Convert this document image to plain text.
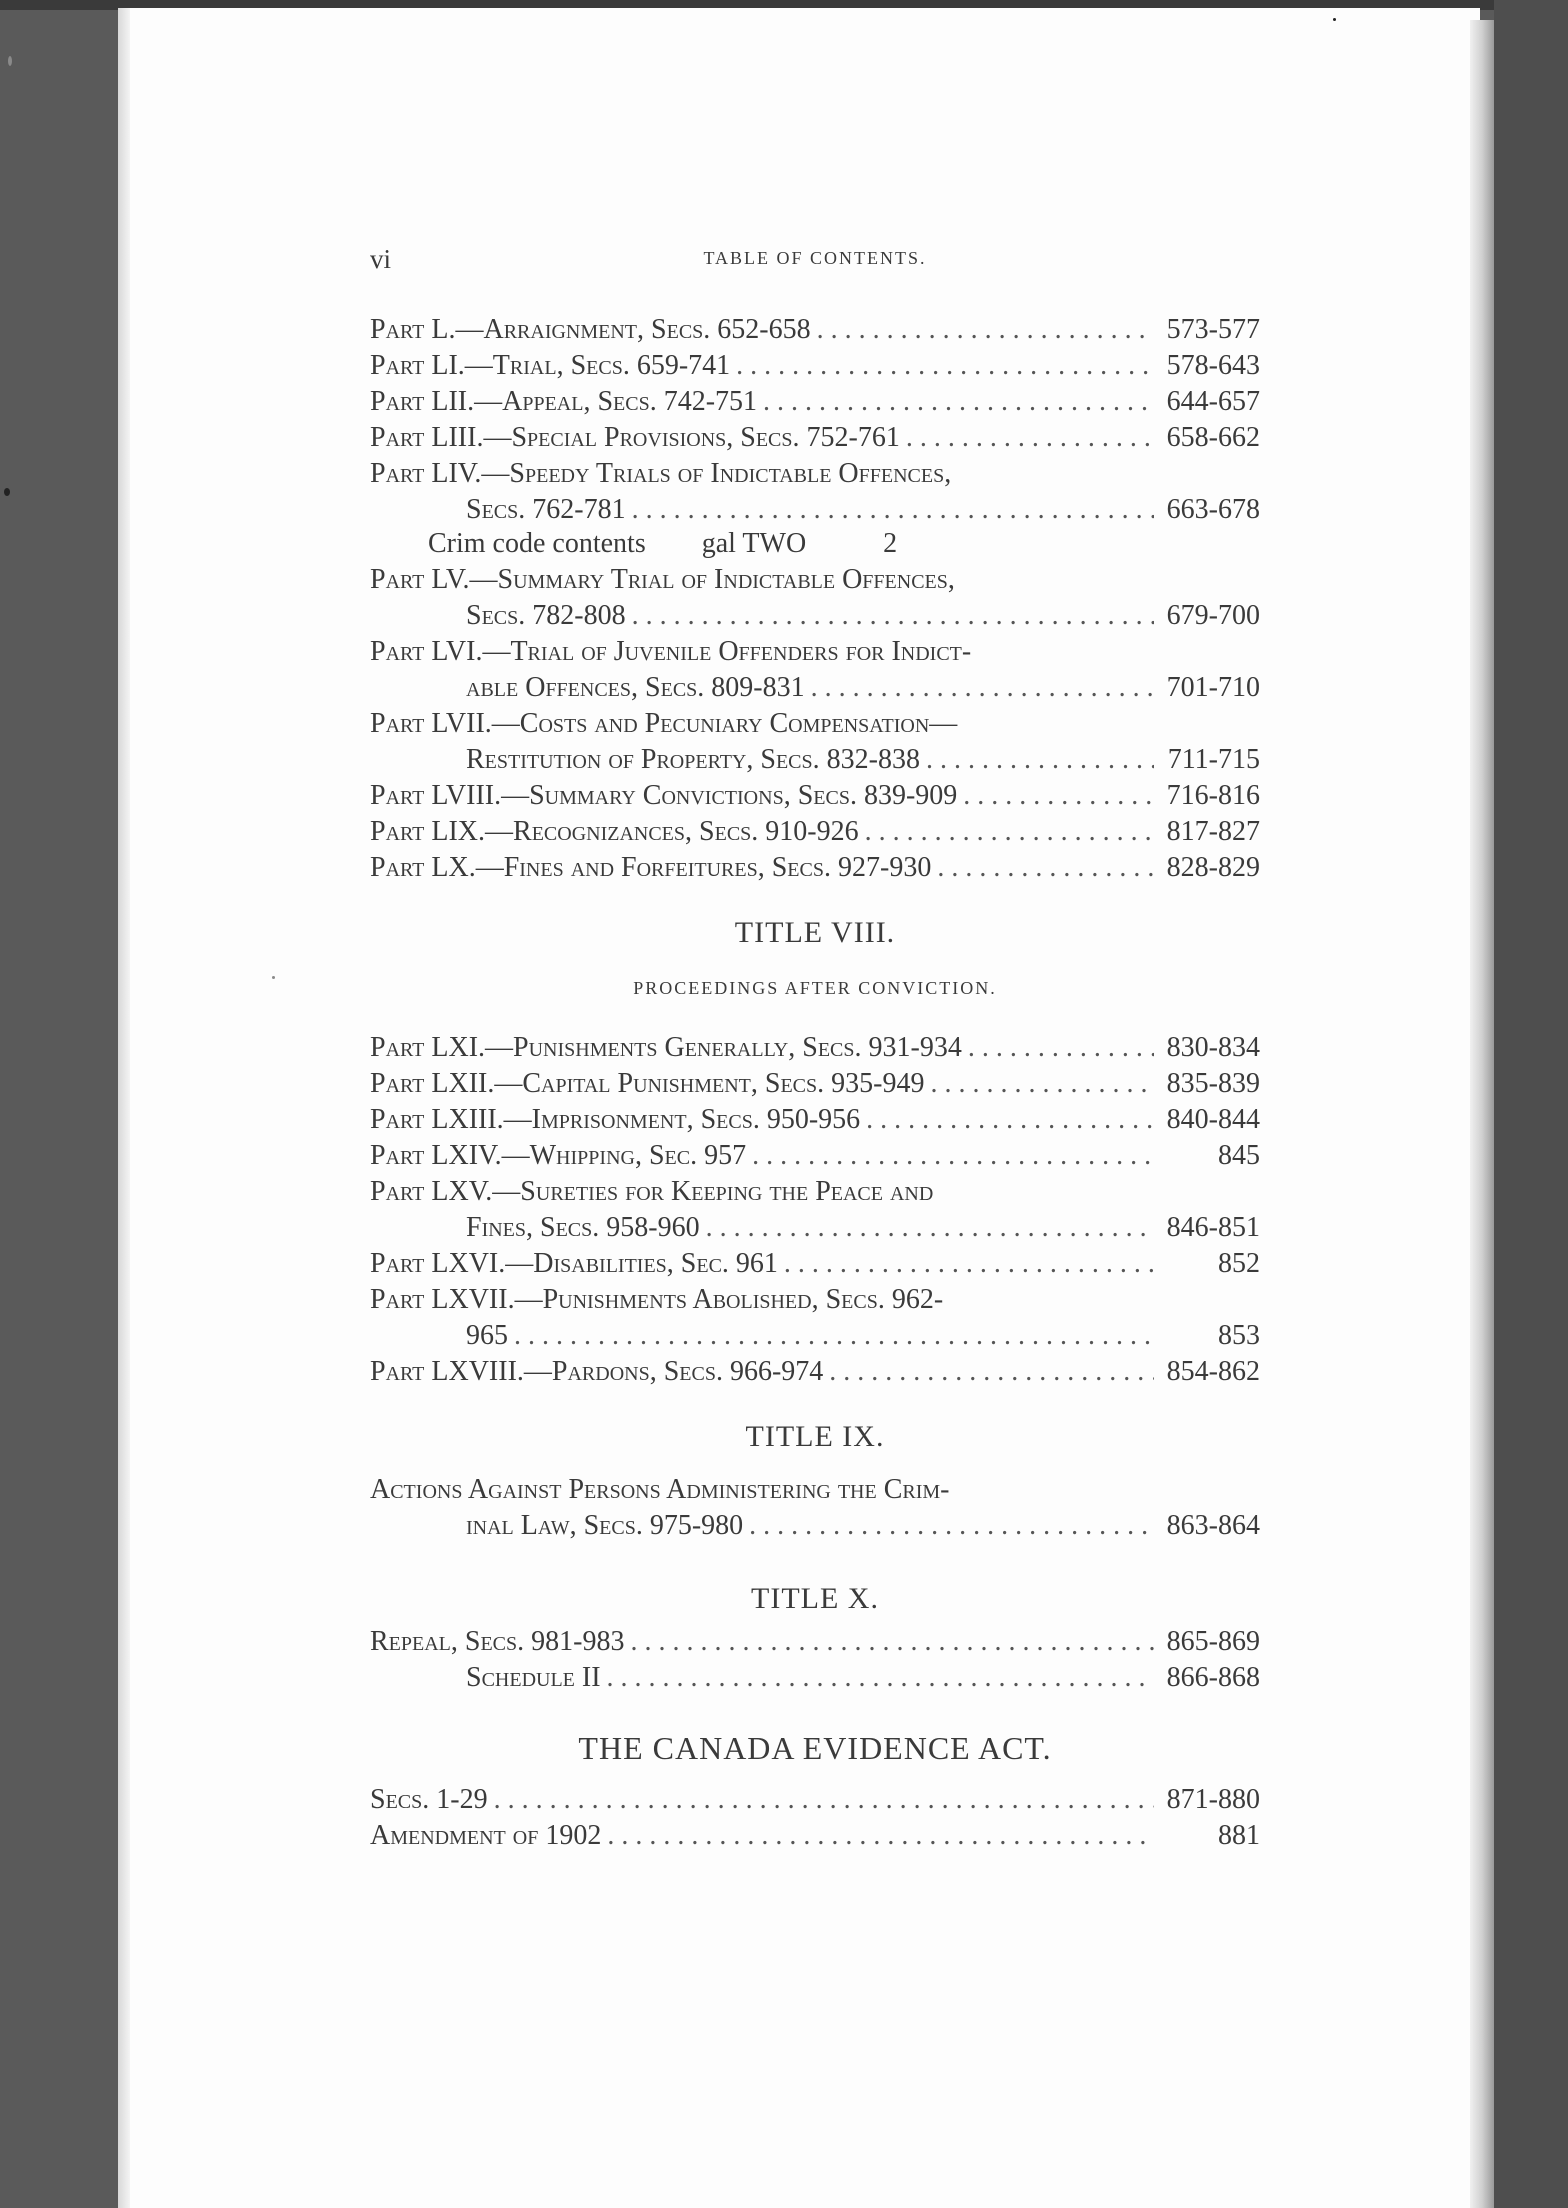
vi	TABLE OF CONTENTS.
Part L.—Arraignment, Secs. 652-658 . . .	573-577
Part LI.—Trial, Secs. 659-741 . . .	578-643
Part LII.—Appeal, Secs. 742-751 . . .	644-657
Part LIII.—Special Provisions, Secs. 752-761 . . .	658-662
Part LIV.—Speedy Trials of Indictable Offences,
Secs. 762-781 . . .	663-678
Crim code contents        gal TWO           2
Part LV.—Summary Trial of Indictable Offences,
Secs. 782-808 . . .	679-700
Part LVI.—Trial of Juvenile Offenders for Indict-
able Offences, Secs. 809-831 . . .	701-710
Part LVII.—Costs and Pecuniary Compensation—
Restitution of Property, Secs. 832-838 . . .	711-715
Part LVIII.—Summary Convictions, Secs. 839-909 . . .	716-816
Part LIX.—Recognizances, Secs. 910-926 . . .	817-827
Part LX.—Fines and Forfeitures, Secs. 927-930 . . .	828-829
TITLE VIII.
PROCEEDINGS AFTER CONVICTION.
Part LXI.—Punishments Generally, Secs. 931-934 . . .	830-834
Part LXII.—Capital Punishment, Secs. 935-949 . . .	835-839
Part LXIII.—Imprisonment, Secs. 950-956 . . .	840-844
Part LXIV.—Whipping, Sec. 957 . . .	845
Part LXV.—Sureties for Keeping the Peace and
Fines, Secs. 958-960 . . .	846-851
Part LXVI.—Disabilities, Sec. 961 . . .	852
Part LXVII.—Punishments Abolished, Secs. 962-
965 . . .	853
Part LXVIII.—Pardons, Secs. 966-974 . . .	854-862
TITLE IX.
Actions Against Persons Administering the Crim-
inal Law, Secs. 975-980 . . .	863-864
TITLE X.
Repeal, Secs. 981-983 . . .	865-869
Schedule II . . .	866-868
THE CANADA EVIDENCE ACT.
Secs. 1-29 . . .	871-880
Amendment of 1902 . . .	881
